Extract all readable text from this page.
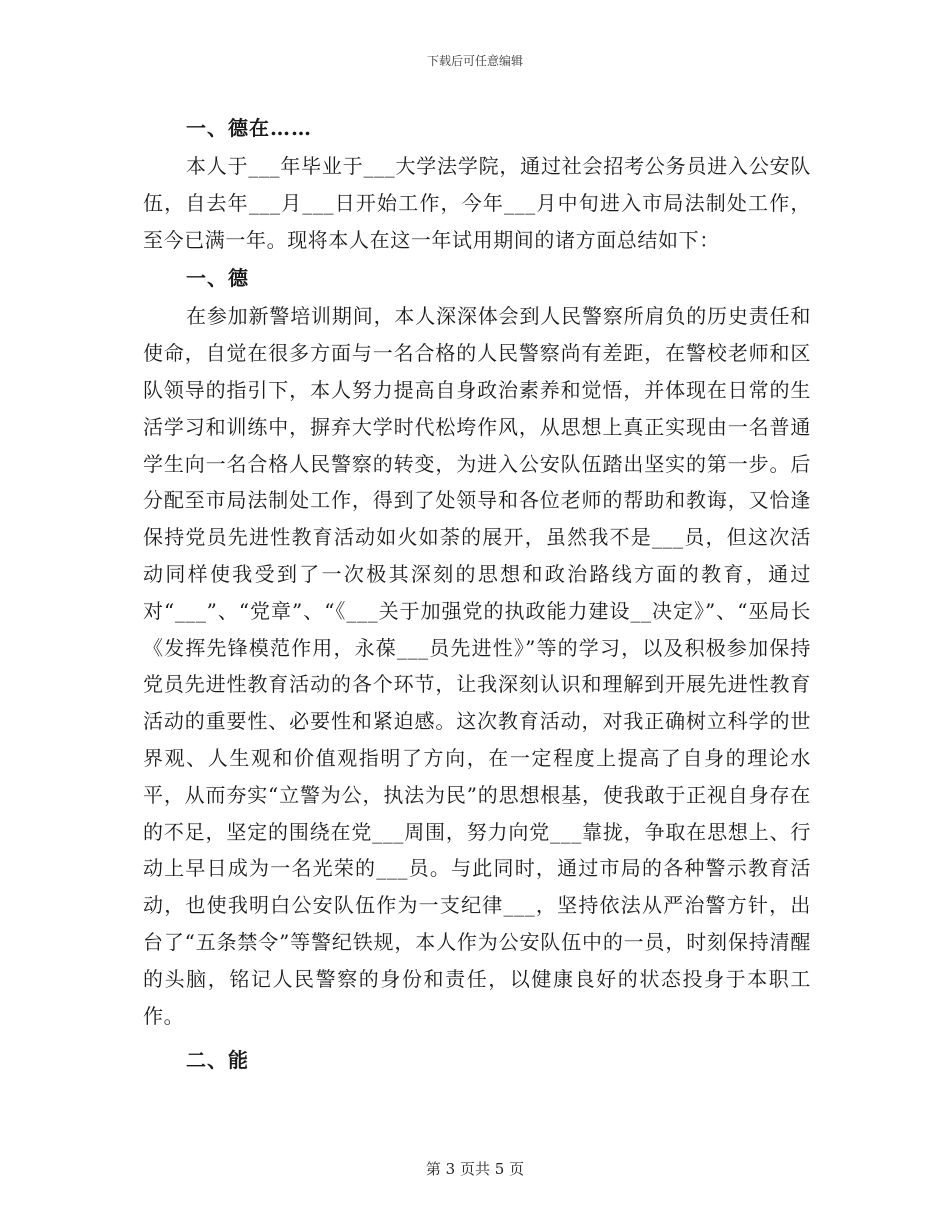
下载后可任意编辑
一、德在……

本人于___年毕业于___大学法学院，通过社会招考公务员进入公安队伍，自去年___月___日开始工作，今年___月中旬进入市局法制处工作，至今已满一年。现将本人在这一年试用期间的诸方面总结如下：

一、德

在参加新警培训期间，本人深深体会到人民警察所肩负的历史责任和使命，自觉在很多方面与一名合格的人民警察尚有差距，在警校老师和区队领导的指引下，本人努力提高自身政治素养和觉悟，并体现在日常的生活学习和训练中，摒弃大学时代松垮作风，从思想上真正实现由一名普通学生向一名合格人民警察的转变，为进入公安队伍踏出坚实的第一步。后分配至市局法制处工作，得到了处领导和各位老师的帮助和教诲，又恰逢保持党员先进性教育活动如火如荼的展开，虽然我不是___员，但这次活动同样使我受到了一次极其深刻的思想和政治路线方面的教育，通过对“___”、“党章”、“《___关于加强党的执政能力建设__决定》”、“巫局长《发挥先锋模范作用，永葆___员先进性》”等的学习，以及积极参加保持党员先进性教育活动的各个环节，让我深刻认识和理解到开展先进性教育活动的重要性、必要性和紧迫感。这次教育活动，对我正确树立科学的世界观、人生观和价值观指明了方向，在一定程度上提高了自身的理论水平，从而夯实“立警为公，执法为民”的思想根基，使我敢于正视自身存在的不足，坚定的围绕在党___周围，努力向党___靠拢，争取在思想上、行动上早日成为一名光荣的___员。与此同时，通过市局的各种警示教育活动，也使我明白公安队伍作为一支纪律___，坚持依法从严治警方针，出台了“五条禁令”等警纪铁规，本人作为公安队伍中的一员，时刻保持清醒的头脑，铭记人民警察的身份和责任，以健康良好的状态投身于本职工作。

二、能
第 3 页共 5 页
